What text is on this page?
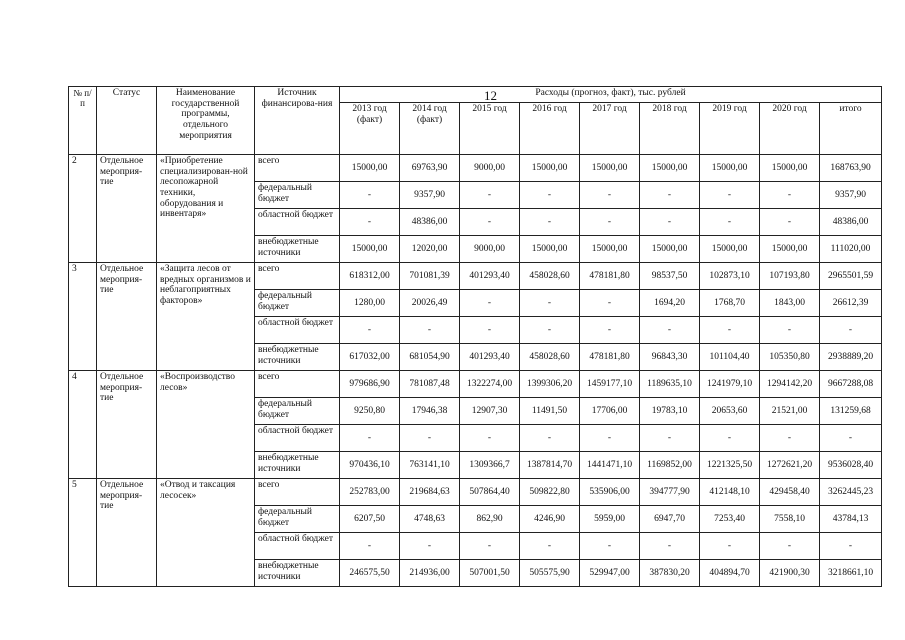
12
№ п/п	Статус	Наименование государственной программы, отдельного мероприятия	Источник финансирова-ния	Расходы (прогноз, факт), тыс. рублей								
				2013 год (факт)	2014 год (факт)	2015 год	2016 год	2017 год	2018 год	2019 год	2020 год	итого
2	Отдельное мероприя-тие	«Приобретение специализирован-ной лесопожарной техники, оборудования и инвентаря»	всего	15000,00	69763,90	9000,00	15000,00	15000,00	15000,00	15000,00	15000,00	168763,90
			федеральный бюджет	-	9357,90	-	-	-	-	-	-	9357,90
			областной бюджет	-	48386,00	-	-	-	-	-	-	48386,00
			внебюджетные источники	15000,00	12020,00	9000,00	15000,00	15000,00	15000,00	15000,00	15000,00	111020,00
3	Отдельное мероприя-тие	«Защита лесов от вредных организмов и неблагоприятных факторов»	всего	618312,00	701081,39	401293,40	458028,60	478181,80	98537,50	102873,10	107193,80	2965501,59
			федеральный бюджет	1280,00	20026,49	-	-	-	1694,20	1768,70	1843,00	26612,39
			областной бюджет	-	-	-	-	-	-	-	-	-
			внебюджетные источники	617032,00	681054,90	401293,40	458028,60	478181,80	96843,30	101104,40	105350,80	2938889,20
4	Отдельное мероприя-тие	«Воспроизводство лесов»	всего	979686,90	781087,48	1322274,00	1399306,20	1459177,10	1189635,10	1241979,10	1294142,20	9667288,08
			федеральный бюджет	9250,80	17946,38	12907,30	11491,50	17706,00	19783,10	20653,60	21521,00	131259,68
			областной бюджет	-	-	-	-	-	-	-	-	-
			внебюджетные источники	970436,10	763141,10	1309366,7	1387814,70	1441471,10	1169852,00	1221325,50	1272621,20	9536028,40
5	Отдельное мероприя-тие	«Отвод и таксация лесосек»	всего	252783,00	219684,63	507864,40	509822,80	535906,00	394777,90	412148,10	429458,40	3262445,23
			федеральный бюджет	6207,50	4748,63	862,90	4246,90	5959,00	6947,70	7253,40	7558,10	43784,13
			областной бюджет	-	-	-	-	-	-	-	-	-
			внебюджетные источники	246575,50	214936,00	507001,50	505575,90	529947,00	387830,20	404894,70	421900,30	3218661,10
